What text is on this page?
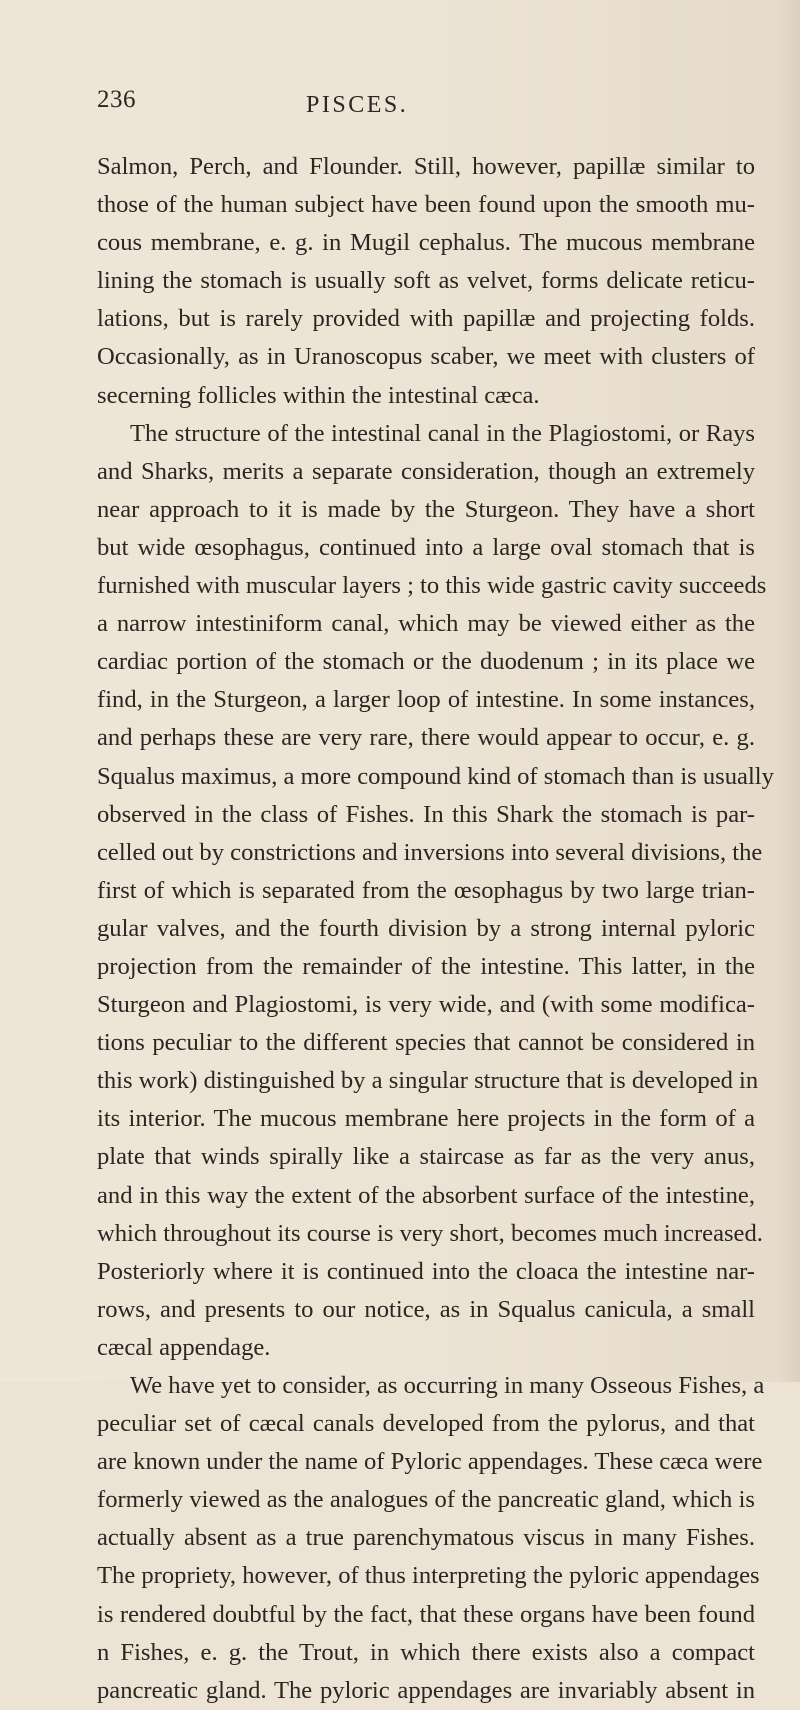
236	PISCES.
Salmon, Perch, and Flounder. Still, however, papillæ similar to
those of the human subject have been found upon the smooth mu-
cous membrane, e. g. in Mugil cephalus. The mucous membrane
lining the stomach is usually soft as velvet, forms delicate reticu-
lations, but is rarely provided with papillæ and projecting folds.
Occasionally, as in Uranoscopus scaber, we meet with clusters of
secerning follicles within the intestinal cæca.
The structure of the intestinal canal in the Plagiostomi, or Rays
and Sharks, merits a separate consideration, though an extremely
near approach to it is made by the Sturgeon. They have a short
but wide œsophagus, continued into a large oval stomach that is
furnished with muscular layers ; to this wide gastric cavity succeeds
a narrow intestiniform canal, which may be viewed either as the
cardiac portion of the stomach or the duodenum ; in its place we
find, in the Sturgeon, a larger loop of intestine. In some instances,
and perhaps these are very rare, there would appear to occur, e. g.
Squalus maximus, a more compound kind of stomach than is usually
observed in the class of Fishes. In this Shark the stomach is par-
celled out by constrictions and inversions into several divisions, the
first of which is separated from the œsophagus by two large trian-
gular valves, and the fourth division by a strong internal pyloric
projection from the remainder of the intestine. This latter, in the
Sturgeon and Plagiostomi, is very wide, and (with some modifica-
tions peculiar to the different species that cannot be considered in
this work) distinguished by a singular structure that is developed in
its interior. The mucous membrane here projects in the form of a
plate that winds spirally like a staircase as far as the very anus,
and in this way the extent of the absorbent surface of the intestine,
which throughout its course is very short, becomes much increased.
Posteriorly where it is continued into the cloaca the intestine nar-
rows, and presents to our notice, as in Squalus canicula, a small
cæcal appendage.
We have yet to consider, as occurring in many Osseous Fishes, a
peculiar set of cæcal canals developed from the pylorus, and that
are known under the name of Pyloric appendages. These cæca were
formerly viewed as the analogues of the pancreatic gland, which is
actually absent as a true parenchymatous viscus in many Fishes.
The propriety, however, of thus interpreting the pyloric appendages
is rendered doubtful by the fact, that these organs have been found
n Fishes, e. g. the Trout, in which there exists also a compact
pancreatic gland. The pyloric appendages are invariably absent in
